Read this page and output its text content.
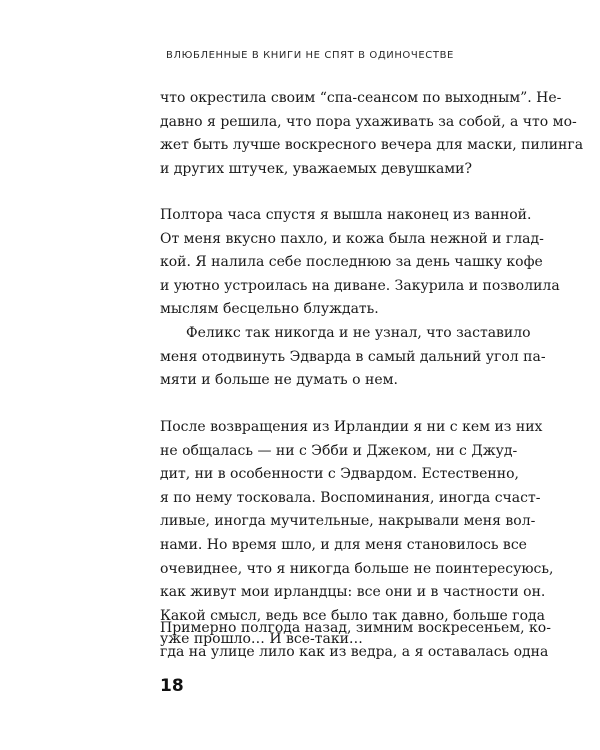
ВЛЮБЛЕННЫЕ В КНИГИ НЕ СПЯТ В ОДИНОЧЕСТВЕ
что окрестила своим “спа-сеансом по выходным”. Не-
давно я решила, что пора ухаживать за собой, а что мо-
жет быть лучше воскресного вечера для маски, пилинга
и других штучек, уважаемых девушками?
Полтора часа спустя я вышла наконец из ванной.
От меня вкусно пахло, и кожа была нежной и глад-
кой. Я налила себе последнюю за день чашку кофе
и уютно устроилась на диване. Закурила и позволила
мыслям бесцельно блуждать.
Феликс так никогда и не узнал, что заставило
меня отодвинуть Эдварда в самый дальний угол па-
мяти и больше не думать о нем.
После возвращения из Ирландии я ни с кем из них
не общалась — ни с Эбби и Джеком, ни с Джуд-
дит, ни в особенности с Эдвардом. Естественно,
я по нему тосковала. Воспоминания, иногда счаст-
ливые, иногда мучительные, накрывали меня вол-
нами. Но время шло, и для меня становилось все
очевиднее, что я никогда больше не поинтересуюсь,
как живут мои ирландцы: все они и в частности он.
Какой смысл, ведь все было так давно, больше года
уже прошло… И все-таки…
Примерно полгода назад, зимним воскресеньем, ко-
гда на улице лило как из ведра, а я оставалась одна
18
